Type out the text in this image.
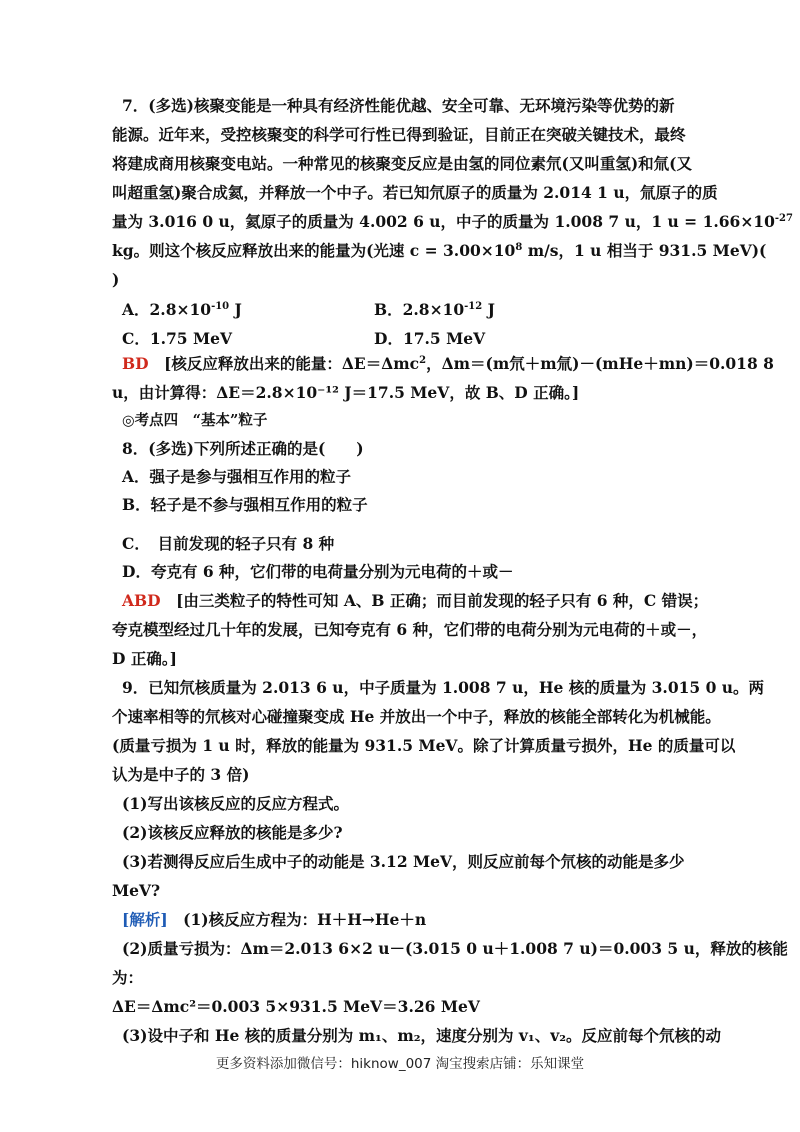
7．(多选)核聚变能是一种具有经济性能优越、安全可靠、无环境污染等优势的新
能源。近年来，受控核聚变的科学可行性已得到验证，目前正在突破关键技术，最终
将建成商用核聚变电站。一种常见的核聚变反应是由氢的同位素氘(又叫重氢)和氚(又
叫超重氢)聚合成氦，并释放一个中子。若已知氘原子的质量为 2.014 1 u，氚原子的质
量为 3.016 0 u，氦原子的质量为 4.002 6 u，中子的质量为 1.008 7 u，1 $u = 1.66\times 10^{-27}$
kg。则这个核反应释放出来的能量为(光速 $c = 3.00\times 10^8$ m/s，1 u 相当于 931.5 MeV)(
)
A．$2.8\times 10^{-10}$ J	B．$2.8\times 10^{-12}$ J
C．1.75 MeV	D．17.5 MeV
BD　 [核反应释放出来的能量：ΔE＝Δmc$^2$，Δm＝(m氘＋m氚)－(mHe＋mn)＝0.018 8
u，由计算得：ΔE＝2.8×10⁻¹² J＝17.5 MeV，故 B、D 正确。]
◎考点四　“基本”粒子
8．(多选)下列所述正确的是(　　)
A．强子是参与强相互作用的粒子
B．轻子是不参与强相互作用的粒子
C．　目前发现的轻子只有 8 种
D．夸克有 6 种，它们带的电荷量分别为元电荷的＋或－
ABD　 [由三类粒子的特性可知 A、B 正确；而目前发现的轻子只有 6 种，C 错误；
夸克模型经过几十年的发展，已知夸克有 6 种，它们带的电荷分别为元电荷的＋或－，
D 正确。]
9．已知氘核质量为 2.013 6 u，中子质量为 1.008 7 u，He 核的质量为 3.015 0 u。两
个速率相等的氘核对心碰撞聚变成 He 并放出一个中子，释放的核能全部转化为机械能。
(质量亏损为 1 u 时，释放的能量为 931.5 MeV。除了计算质量亏损外，He 的质量可以
认为是中子的 3 倍)
(1)写出该核反应的反应方程式。
(2)该核反应释放的核能是多少?
(3)若测得反应后生成中子的动能是 3.12 MeV，则反应前每个氘核的动能是多少
MeV?
[解析]　(1)核反应方程为：H＋H→He＋n
(2)质量亏损为：Δm＝2.013 6×2 u－(3.015 0 u＋1.008 7 u)＝0.003 5 u，释放的核能
为：
ΔE＝Δmc²＝0.003 5×931.5 MeV＝3.26 MeV
(3)设中子和 He 核的质量分别为 m₁、m₂，速度分别为 v₁、v₂。反应前每个氘核的动
更多资料添加微信号：hiknow_007 淘宝搜索店铺：乐知课堂
